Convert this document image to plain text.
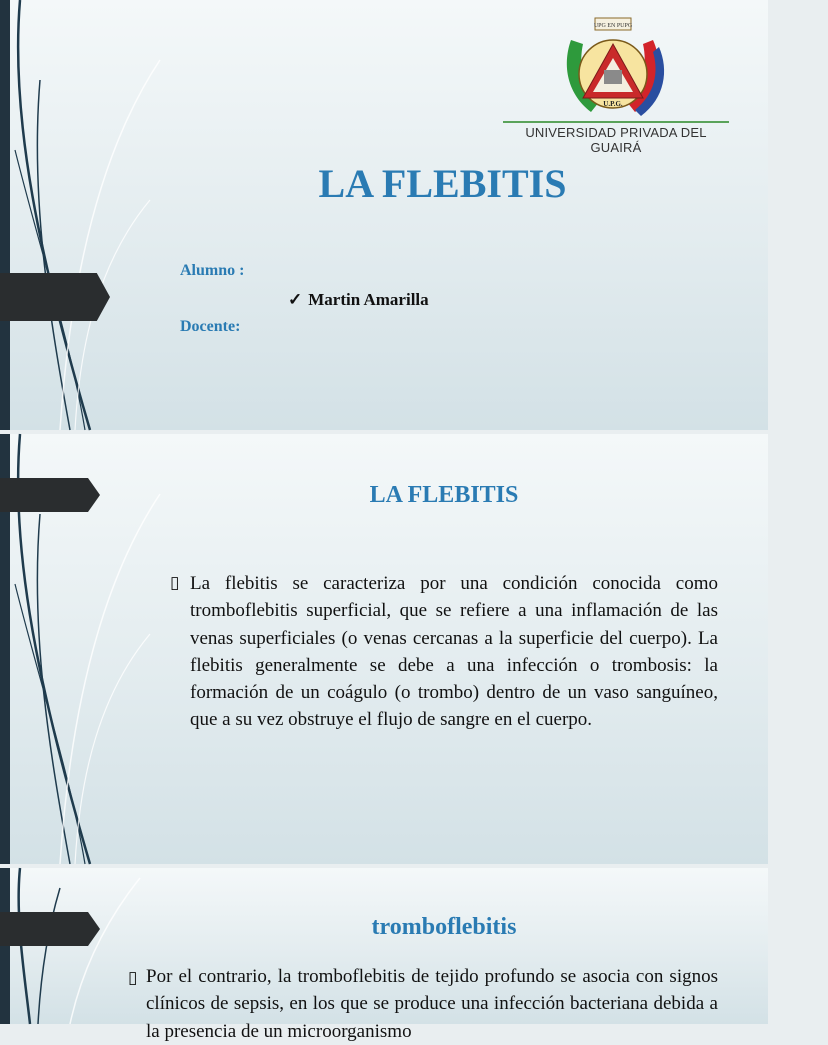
UPG EN PUPG
U.P.G.
UNIVERSIDAD PRIVADA DEL GUAIRÁ
LA FLEBITIS
Alumno :
✓ Martin Amarilla
Docente:
LA FLEBITIS
▯ La flebitis se caracteriza por una condición conocida como tromboflebitis superficial, que se refiere a una inflamación de las venas superficiales (o venas cercanas a la superficie del cuerpo). La flebitis generalmente se debe a una infección o trombosis: la formación de un coágulo (o trombo) dentro de un vaso sanguíneo, que a su vez obstruye el flujo de sangre en el cuerpo.
tromboflebitis
▯ Por el contrario, la tromboflebitis de tejido profundo se asocia con signos clínicos de sepsis, en los que se produce una infección bacteriana debida a la presencia de un microorganismo
